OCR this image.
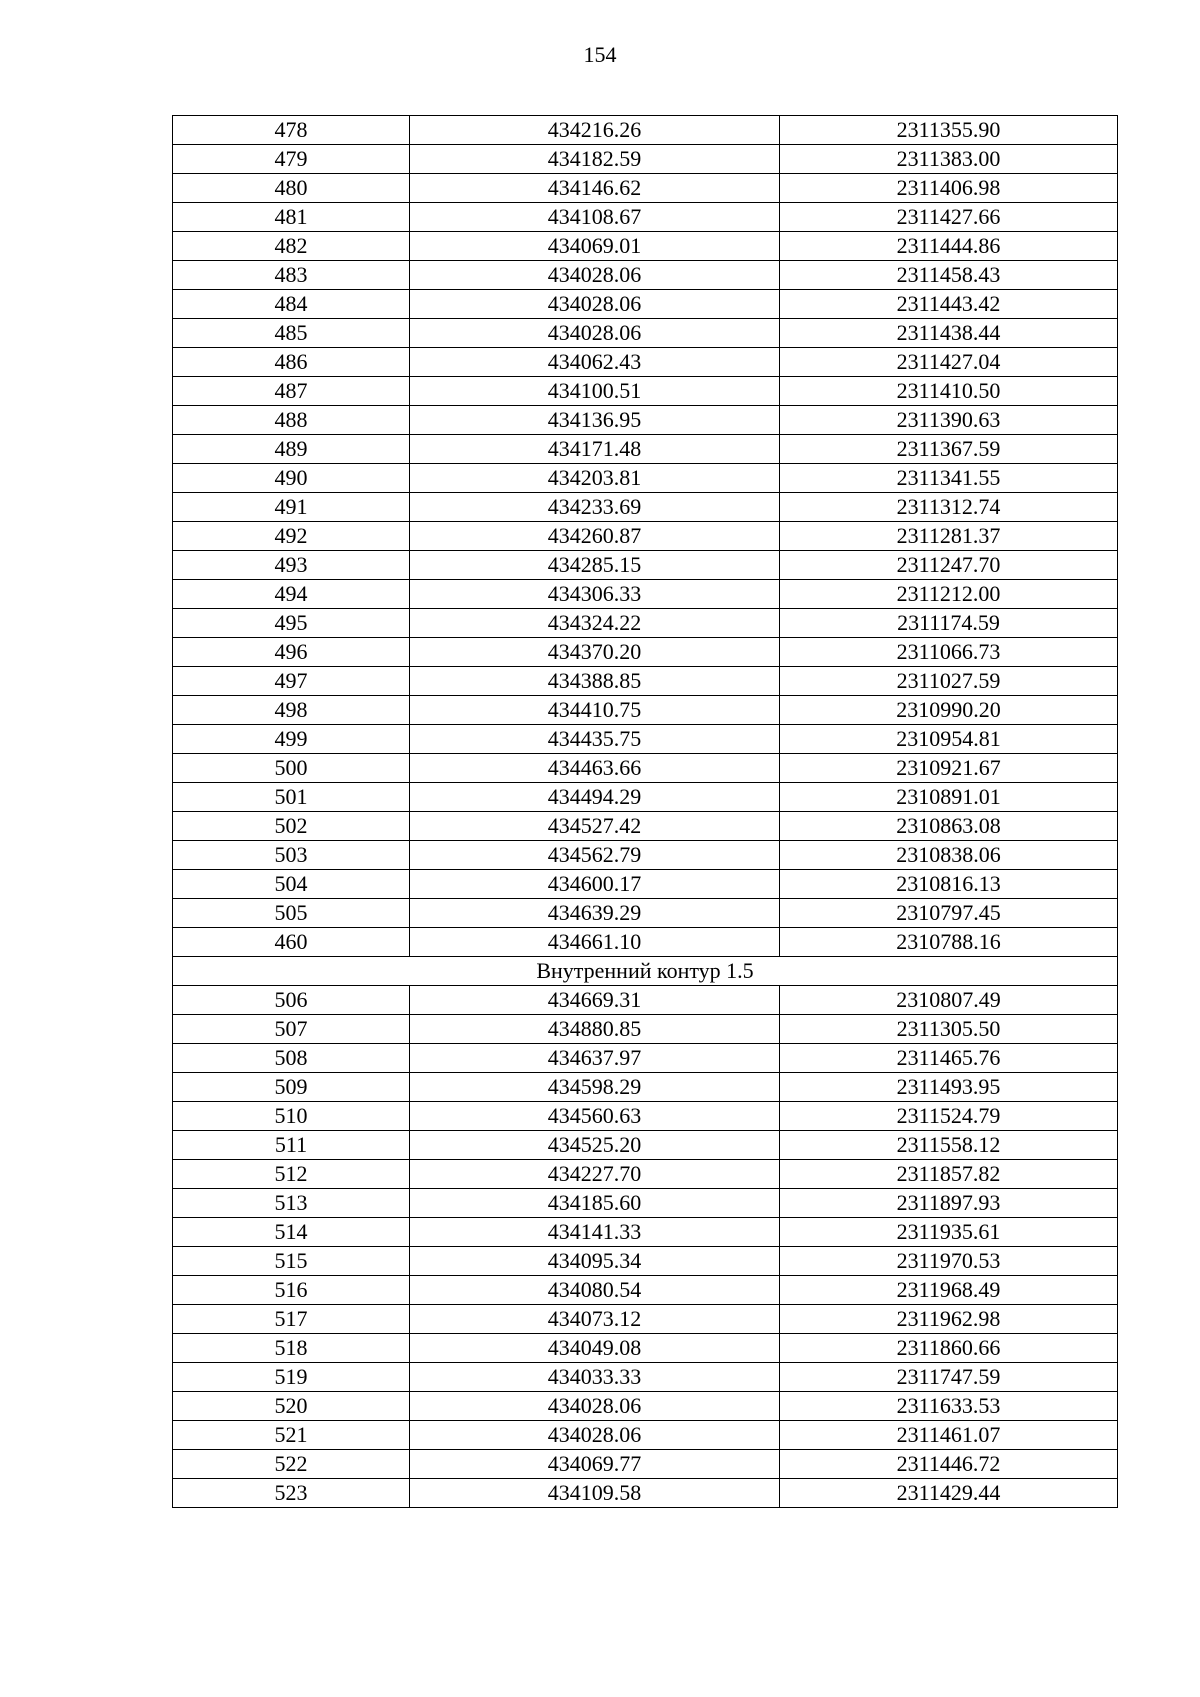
154
478	434216.26	2311355.90
479	434182.59	2311383.00
480	434146.62	2311406.98
481	434108.67	2311427.66
482	434069.01	2311444.86
483	434028.06	2311458.43
484	434028.06	2311443.42
485	434028.06	2311438.44
486	434062.43	2311427.04
487	434100.51	2311410.50
488	434136.95	2311390.63
489	434171.48	2311367.59
490	434203.81	2311341.55
491	434233.69	2311312.74
492	434260.87	2311281.37
493	434285.15	2311247.70
494	434306.33	2311212.00
495	434324.22	2311174.59
496	434370.20	2311066.73
497	434388.85	2311027.59
498	434410.75	2310990.20
499	434435.75	2310954.81
500	434463.66	2310921.67
501	434494.29	2310891.01
502	434527.42	2310863.08
503	434562.79	2310838.06
504	434600.17	2310816.13
505	434639.29	2310797.45
460	434661.10	2310788.16
Внутренний контур 1.5		
506	434669.31	2310807.49
507	434880.85	2311305.50
508	434637.97	2311465.76
509	434598.29	2311493.95
510	434560.63	2311524.79
511	434525.20	2311558.12
512	434227.70	2311857.82
513	434185.60	2311897.93
514	434141.33	2311935.61
515	434095.34	2311970.53
516	434080.54	2311968.49
517	434073.12	2311962.98
518	434049.08	2311860.66
519	434033.33	2311747.59
520	434028.06	2311633.53
521	434028.06	2311461.07
522	434069.77	2311446.72
523	434109.58	2311429.44
